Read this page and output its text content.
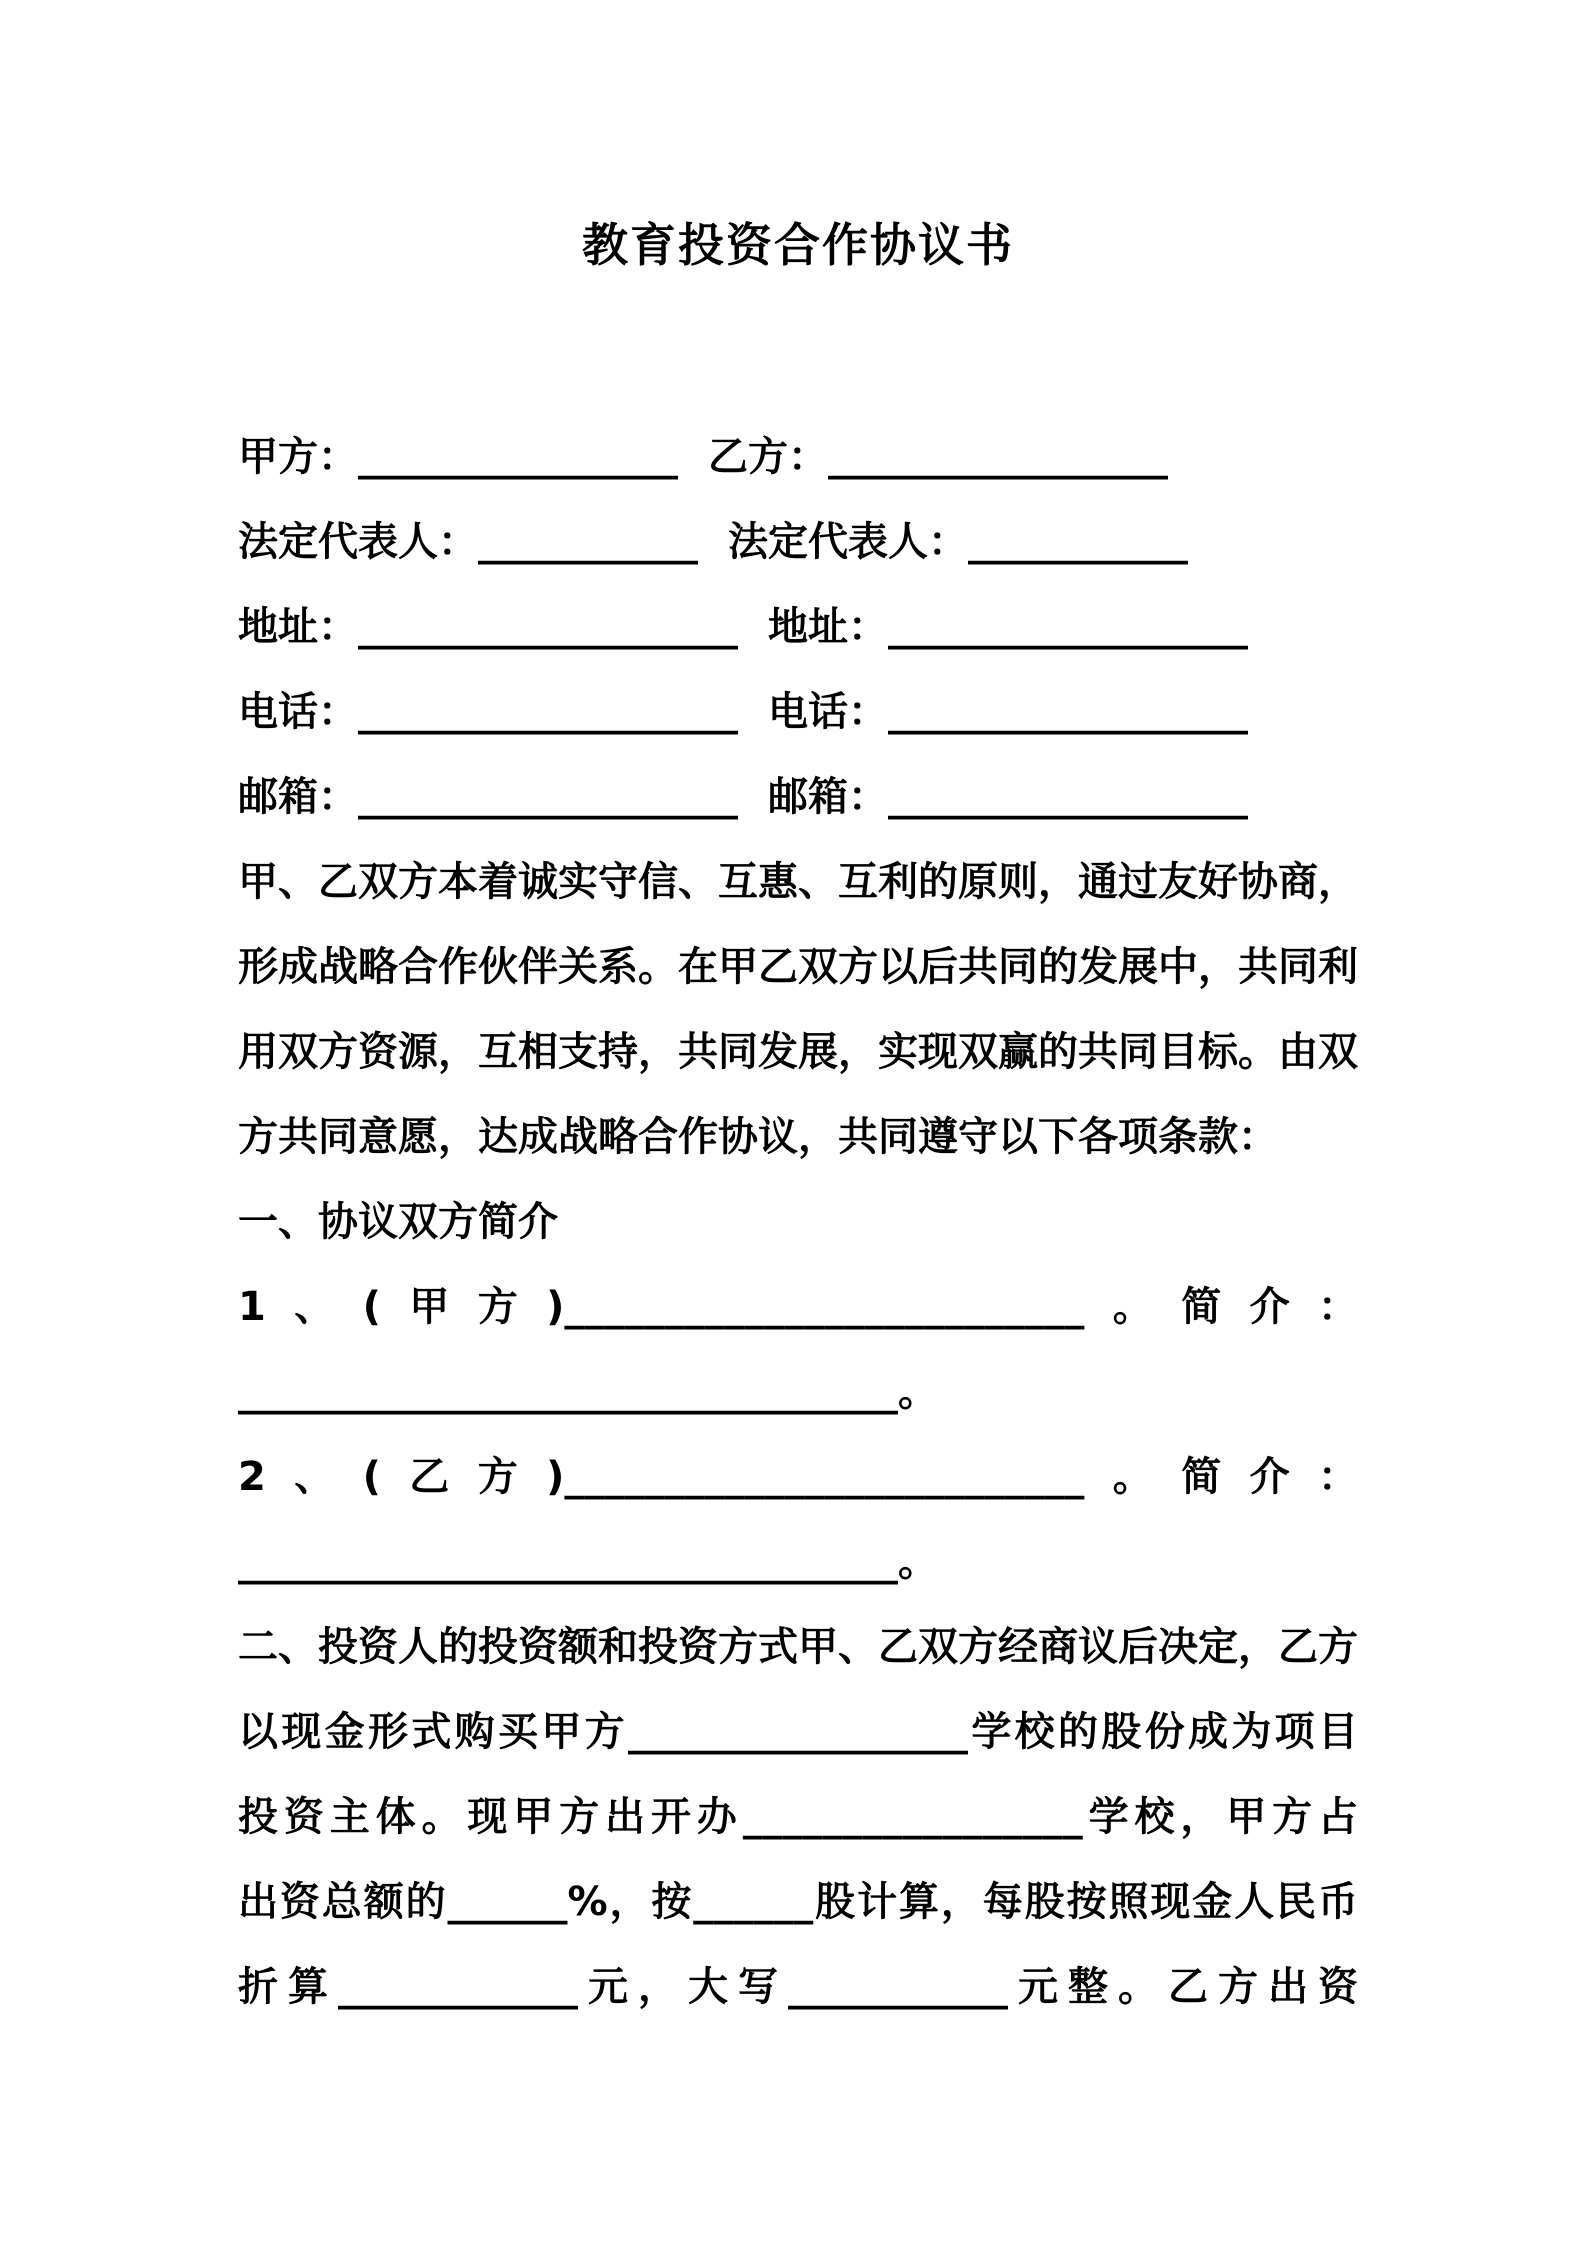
教育投资合作协议书
甲方： ________________ 乙方： _________________
法定代表人： ___________ 法定代表人： ___________
地址： ___________________ 地址： __________________
电话： ___________________ 电话： __________________
邮箱： ___________________ 邮箱： __________________
甲、乙双方本着诚实守信、互惠、互利的原则，通过友好协商，
形成战略合作伙伴关系。在甲乙双方以后共同的发展中，共同利
用双方资源，互相支持，共同发展，实现双赢的共同目标。由双
方共同意愿，达成战略合作协议，共同遵守以下各项条款：
一、协议双方简介
1、(甲方)__________________________。简介：
_________________________________。
2、(乙方)__________________________。简介：
_________________________________。
二、投资人的投资额和投资方式甲、乙双方经商议后决定，乙方
以现金形式购买甲方_________________学校的股份成为项目
投资主体。现甲方出开办_________________学校，甲方占
出资总额的______%，按______股计算，每股按照现金人民币
折算____________元，大写___________元整。乙方出资
